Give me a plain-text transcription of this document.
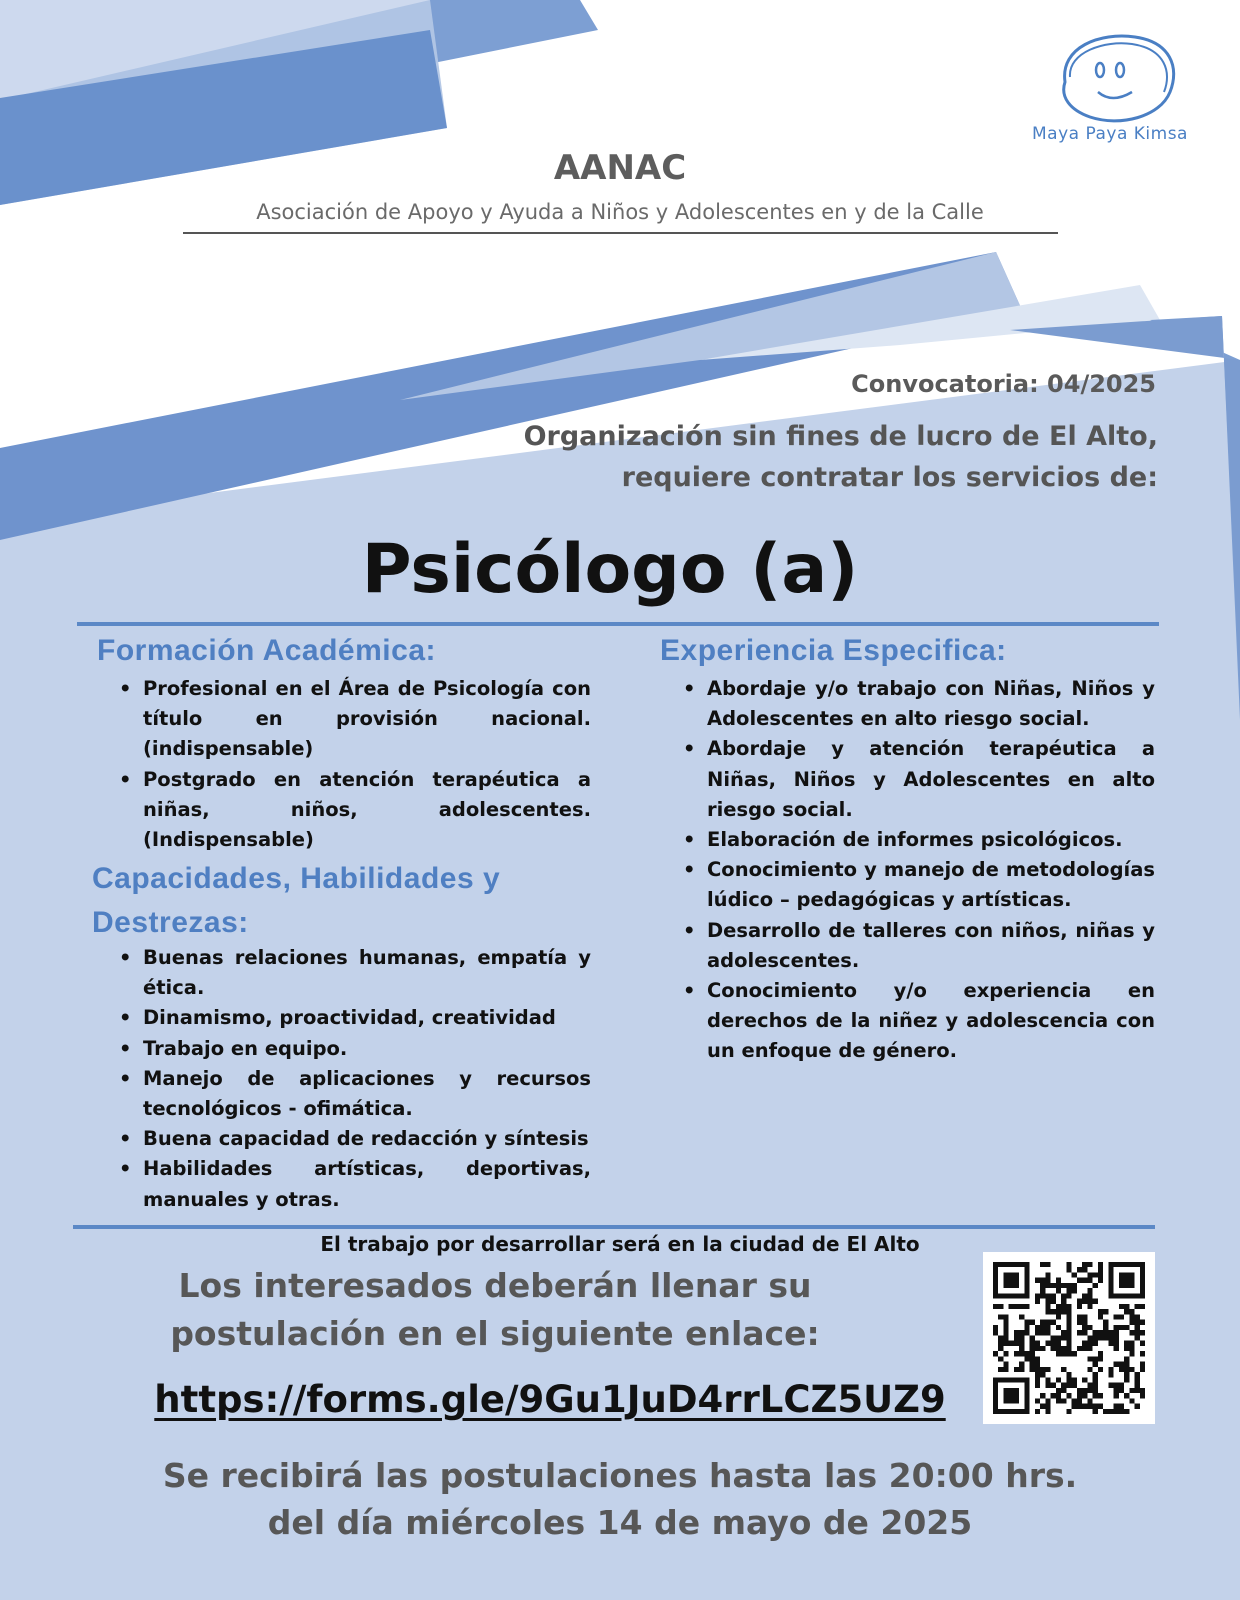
Maya Paya Kimsa
AANAC
Asociación de Apoyo y Ayuda a Niños y Adolescentes en y de la Calle
Convocatoria: 04/2025
Organización sin fines de lucro de El Alto,
requiere contratar los servicios de:
Psicólogo (a)
Formación Académica:
• Profesional en el Área de Psicología con título en provisión nacional. (indispensable)
• Postgrado en atención terapéutica a niñas, niños, adolescentes. (Indispensable)
Capacidades, Habilidades y Destrezas:
• Buenas relaciones humanas, empatía y ética.
• Dinamismo, proactividad, creatividad
• Trabajo en equipo.
• Manejo de aplicaciones y recursos tecnológicos - ofimática.
• Buena capacidad de redacción y síntesis
• Habilidades artísticas, deportivas, manuales y otras.
Experiencia Especifica:
• Abordaje y/o trabajo con Niñas, Niños y Adolescentes en alto riesgo social.
• Abordaje y atención terapéutica a Niñas, Niños y Adolescentes en alto riesgo social.
• Elaboración de informes psicológicos.
• Conocimiento y manejo de metodologías lúdico – pedagógicas y artísticas.
• Desarrollo de talleres con niños, niñas y adolescentes.
• Conocimiento y/o experiencia en derechos de la niñez y adolescencia con un enfoque de género.
El trabajo por desarrollar será en la ciudad de El Alto
Los interesados deberán llenar su
postulación en el siguiente enlace:
https://forms.gle/9Gu1JuD4rrLCZ5UZ9
Se recibirá las postulaciones hasta las 20:00 hrs.
del día miércoles 14 de mayo de 2025
